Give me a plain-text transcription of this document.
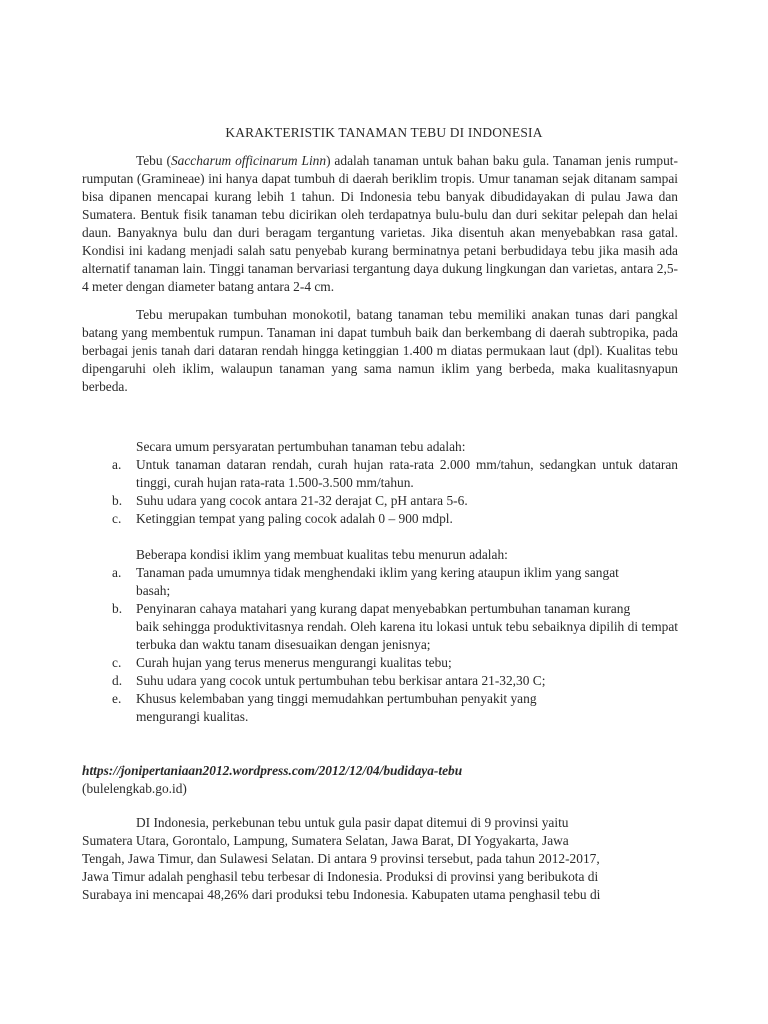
KARAKTERISTIK TANAMAN TEBU DI INDONESIA
Tebu (Saccharum officinarum Linn) adalah tanaman untuk bahan baku gula. Tanaman jenis rumput-rumputan (Gramineae) ini hanya dapat tumbuh di daerah beriklim tropis. Umur tanaman sejak ditanam sampai bisa dipanen mencapai kurang lebih 1 tahun. Di Indonesia tebu banyak dibudidayakan di pulau Jawa dan Sumatera. Bentuk fisik tanaman tebu dicirikan oleh terdapatnya bulu-bulu dan duri sekitar pelepah dan helai daun. Banyaknya bulu dan duri beragam tergantung varietas. Jika disentuh akan menyebabkan rasa gatal. Kondisi ini kadang menjadi salah satu penyebab kurang berminatnya petani berbudidaya tebu jika masih ada alternatif tanaman lain. Tinggi tanaman bervariasi tergantung daya dukung lingkungan dan varietas, antara 2,5-4 meter dengan diameter batang antara 2-4 cm.
Tebu merupakan tumbuhan monokotil, batang tanaman tebu memiliki anakan tunas dari pangkal batang yang membentuk rumpun. Tanaman ini dapat tumbuh baik dan berkembang di daerah subtropika, pada berbagai jenis tanah dari dataran rendah hingga ketinggian 1.400 m diatas permukaan laut (dpl). Kualitas tebu dipengaruhi oleh iklim, walaupun tanaman yang sama namun iklim yang berbeda, maka kualitasnyapun berbeda.
Secara umum persyaratan pertumbuhan tanaman tebu adalah:
a. Untuk tanaman dataran rendah, curah hujan rata-rata 2.000 mm/tahun, sedangkan untuk dataran tinggi, curah hujan rata-rata 1.500-3.500 mm/tahun.
b. Suhu udara yang cocok antara 21-32 derajat C, pH antara 5-6.
c. Ketinggian tempat yang paling cocok adalah 0 – 900 mdpl.
Beberapa kondisi iklim yang membuat kualitas tebu menurun adalah:
a. Tanaman pada umumnya tidak menghendaki iklim yang kering ataupun iklim yang sangat
basah;
b. Penyinaran cahaya matahari yang kurang dapat menyebabkan pertumbuhan tanaman kurang
baik sehingga produktivitasnya rendah. Oleh karena itu lokasi untuk tebu sebaiknya dipilih di tempat terbuka dan waktu tanam disesuaikan dengan jenisnya;
c. Curah hujan yang terus menerus mengurangi kualitas tebu;
d. Suhu udara yang cocok untuk pertumbuhan tebu berkisar antara 21-32,30 C;
e. Khusus kelembaban yang tinggi memudahkan pertumbuhan penyakit yang
mengurangi kualitas.
https://jonipertaniaan2012.wordpress.com/2012/12/04/budidaya-tebu
(bulelengkab.go.id)
DI Indonesia, perkebunan tebu untuk gula pasir dapat ditemui di 9 provinsi yaitu
Sumatera Utara, Gorontalo, Lampung, Sumatera Selatan, Jawa Barat, DI Yogyakarta, Jawa
Tengah, Jawa Timur, dan Sulawesi Selatan. Di antara 9 provinsi tersebut, pada tahun 2012-2017,
Jawa Timur adalah penghasil tebu terbesar di Indonesia. Produksi di provinsi yang beribukota di
Surabaya ini mencapai 48,26% dari produksi tebu Indonesia. Kabupaten utama penghasil tebu di
